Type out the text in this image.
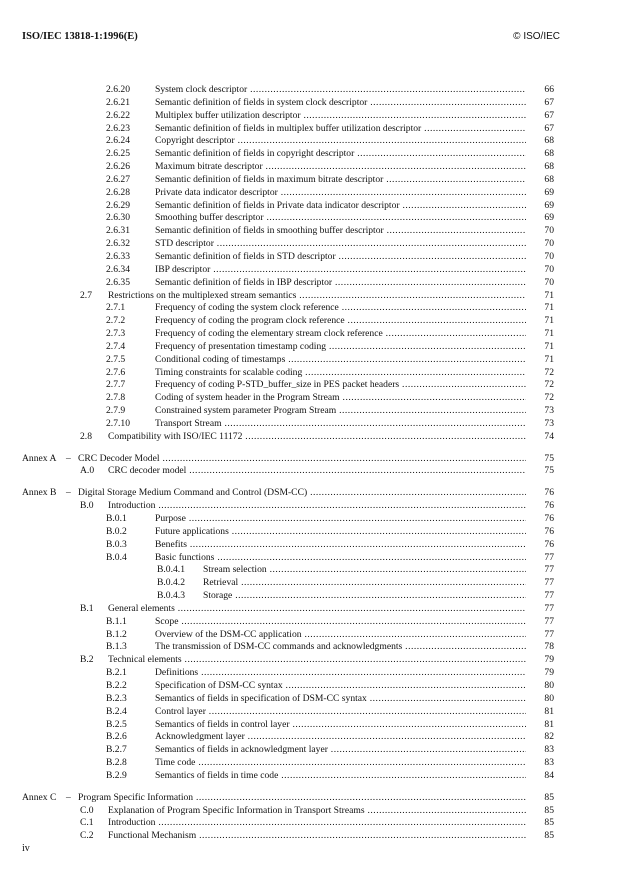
ISO/IEC 13818-1:1996(E)	© ISO/IEC
2.6.20	System clock descriptor .....	66
2.6.21	Semantic definition of fields in system clock descriptor .....	67
2.6.22	Multiplex buffer utilization descriptor .....	67
2.6.23	Semantic definition of fields in multiplex buffer utilization descriptor .....	67
2.6.24	Copyright descriptor .....	68
2.6.25	Semantic definition of fields in copyright descriptor .....	68
2.6.26	Maximum bitrate descriptor .....	68
2.6.27	Semantic definition of fields in maximum bitrate descriptor .....	68
2.6.28	Private data indicator descriptor .....	69
2.6.29	Semantic definition of fields in Private data indicator descriptor .....	69
2.6.30	Smoothing buffer descriptor .....	69
2.6.31	Semantic definition of fields in smoothing buffer descriptor .....	70
2.6.32	STD descriptor .....	70
2.6.33	Semantic definition of fields in STD descriptor .....	70
2.6.34	IBP descriptor .....	70
2.6.35	Semantic definition of fields in IBP descriptor .....	70
2.7 Restrictions on the multiplexed stream semantics .....	71
2.7.1	Frequency of coding the system clock reference .....	71
2.7.2	Frequency of coding the program clock reference .....	71
2.7.3	Frequency of coding the elementary stream clock reference .....	71
2.7.4	Frequency of presentation timestamp coding .....	71
2.7.5	Conditional coding of timestamps .....	71
2.7.6	Timing constraints for scalable coding .....	72
2.7.7	Frequency of coding P-STD_buffer_size in PES packet headers .....	72
2.7.8	Coding of system header in the Program Stream .....	72
2.7.9	Constrained system parameter Program Stream .....	73
2.7.10	Transport Stream .....	73
2.8 Compatibility with ISO/IEC 11172 .....	74
Annex A – CRC Decoder Model .....	75
A.0 CRC decoder model .....	75
Annex B – Digital Storage Medium Command and Control (DSM-CC) .....	76
B.0 Introduction .....	76
B.0.1	Purpose .....	76
B.0.2	Future applications .....	76
B.0.3	Benefits .....	76
B.0.4	Basic functions .....	77
B.0.4.1 Stream selection .....	77
B.0.4.2 Retrieval .....	77
B.0.4.3 Storage .....	77
B.1 General elements .....	77
B.1.1	Scope .....	77
B.1.2	Overview of the DSM-CC application .....	77
B.1.3	The transmission of DSM-CC commands and acknowledgments .....	78
B.2 Technical elements .....	79
B.2.1	Definitions .....	79
B.2.2	Specification of DSM-CC syntax .....	80
B.2.3	Semantics of fields in specification of DSM-CC syntax .....	80
B.2.4	Control layer .....	81
B.2.5	Semantics of fields in control layer .....	81
B.2.6	Acknowledgment layer .....	82
B.2.7	Semantics of fields in acknowledgment layer .....	83
B.2.8	Time code .....	83
B.2.9	Semantics of fields in time code .....	84
Annex C – Program Specific Information .....	85
C.0 Explanation of Program Specific Information in Transport Streams .....	85
C.1 Introduction .....	85
C.2 Functional Mechanism .....	85
iv
